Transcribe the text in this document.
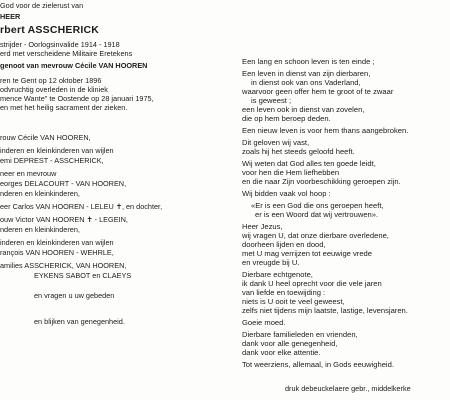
God voor de zielerust van
HEER
rbert ASSCHERICK
strijder - Oorlogsinvalide 1914 - 1918
erd met verscheidene Militaire Eretekens
genoot van mevrouw Cécile VAN HOOREN
ren te Gent op 12 oktober 1896
odvruchtig overleden in de kliniek
mence Wante" te Oostende op 28 januari 1975,
en met het heilig sacrament der zieken.
rouw Cécile VAN HOOREN,
inderen en kleinkinderen van wijlen
emi DEPREST - ASSCHERICK,
neer en mevrouw
eorges DELACOURT - VAN HOOREN,
nderen en kleinkinderen,
eer Carlos VAN HOOREN - LELEU ✝, en dochter,
ouw Victor VAN HOOREN ✝ - LEGEIN,
nderen en kleinkinderen,
inderen en kleinkinderen van wijlen
rançois VAN HOOREN - WEHRLE,
amilies ASSCHERICK, VAN HOOREN,
EYKENS SABOT en CLAEYS
en vragen u uw gebeden
en blijken van genegenheid.
Een lang en schoon leven is ten einde ;
Een leven in dienst van zijn dierbaren,
in dienst ook van ons Vaderland,
waarvoor geen offer hem te groot of te zwaar
is geweest ;
een leven ook in dienst van zovelen,
die op hem beroep deden.
Een nieuw leven is voor hem thans aangebroken.
Dit geloven wij vast,
zoals hij het steeds geloofd heeft.
Wij weten dat God alles ten goede leidt,
voor hen die Hem liefhebben
en die naar Zijn voorbeschikking geroepen zijn.
Wij bidden vaak vol hoop :
«Er is een God die ons geroepen heeft,
er is een Woord dat wij vertrouwen».
Heer Jezus,
wij vragen U, dat onze dierbare overledene,
doorheen lijden en dood,
met U mag verrijzen tot eeuwige vrede
en vreugde bij U.
Dierbare echtgenote,
ik dank U heel oprecht voor die vele jaren
van liefde en toewijding :
niets is U ooit te veel geweest,
zelfs niet tijdens mijn laatste, lastige, levensjaren.
Goeie moed.
Dierbare familieleden en vrienden,
dank voor alle genegenheid,
dank voor elke attentie.
Tot weerziens, allemaal, in Gods eeuwigheid.
druk debeuckelaere gebr., middelkerke
